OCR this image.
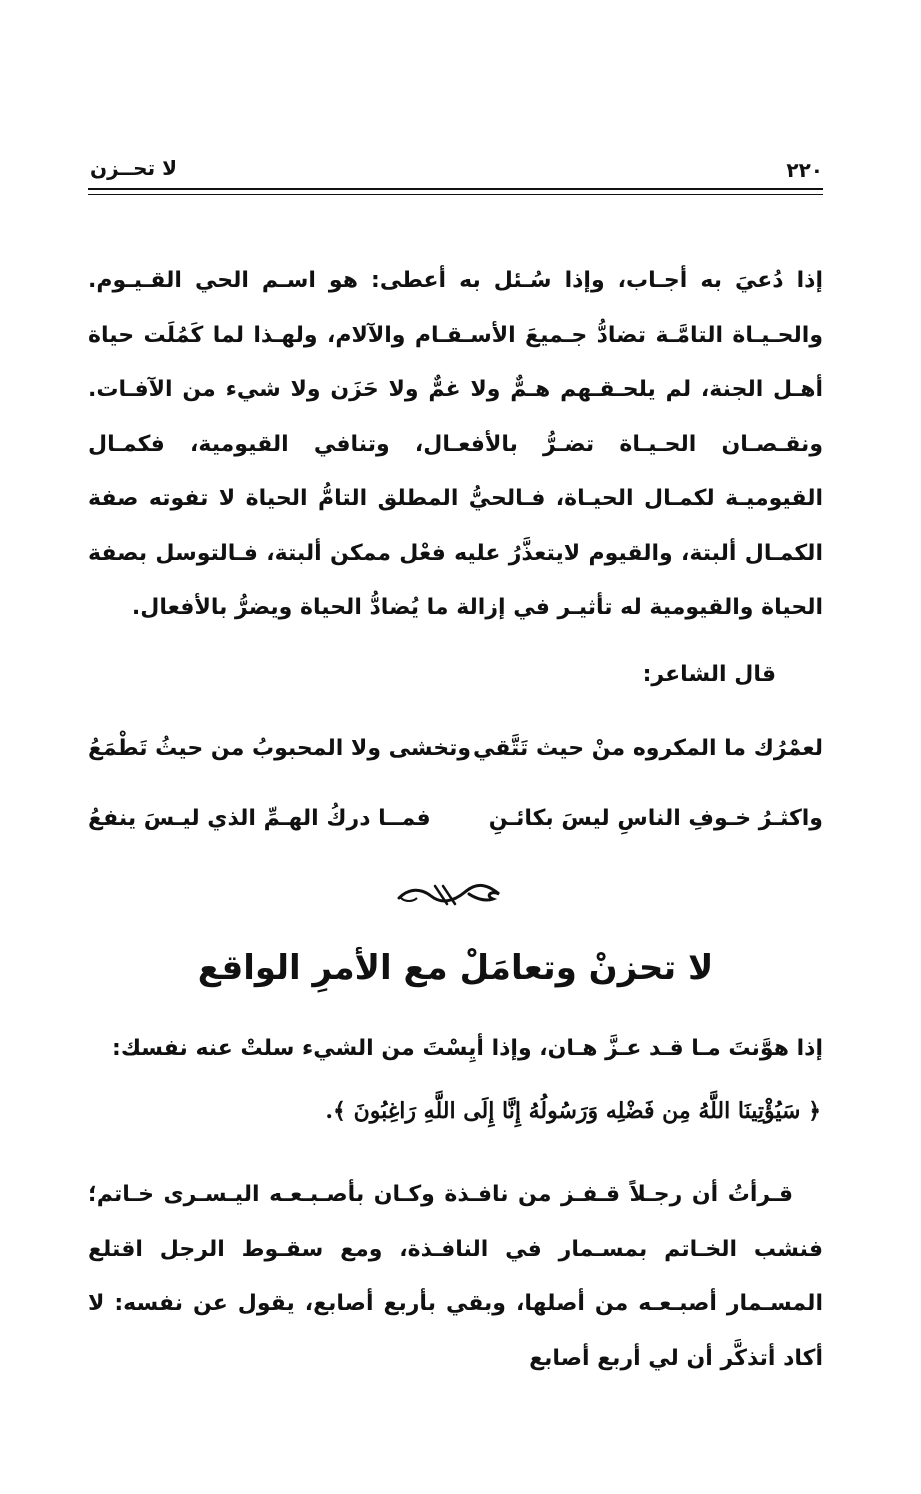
٢٢٠
لا تحــزن
إذا دُعيَ به أجـاب، وإذا سُـئل به أعطى: هو اسـم الحي القـيـوم. والحـيـاة التامَّـة تضادُّ جـميعَ الأسـقـام والآلام، ولهـذا لما كَمُلَت حياة أهـل الجنة، لم يلحـقـهم هـمٌّ ولا غمٌّ ولا حَزَن ولا شيء من الآفـات. ونقـصـان الحـيـاة تضـرُّ بالأفعـال، وتنافي القيومية، فكمـال القيوميـة لكمـال الحيـاة، فـالحيُّ المطلق التامُّ الحياة لا تفوته صفة الكمـال ألبتة، والقيوم لايتعذَّرُ عليه فعْل ممكن ألبتة، فـالتوسل بصفة الحياة والقيومية له تأثيـر في إزالة ما يُضادُّ الحياة ويضرُّ بالأفعال.
قال الشاعر:
لعمْرُك ما المكروه منْ حيث تَتَّقي
وتخشى ولا المحبوبُ من حيثُ تَطْمَعُ
واكثـرُ خـوفِ الناسِ ليسَ بكائـنِ
فمــا دركُ الهـمِّ الذي ليـسَ ينفعُ
لا تحزنْ وتعامَلْ مع الأمرِ الواقع
إذا هوَّنتَ مـا قـد عـزَّ هـان، وإذا أيِسْتَ من الشيء سلتْ عنه نفسك:
﴿ سَيُؤْتِينَا اللَّهُ مِن فَضْلِه وَرَسُولُهُ إِنَّا إِلَى اللَّهِ رَاغِبُونَ ﴾.
قـرأتُ أن رجـلاً قـفـز من نافـذة وكـان بأصـبـعـه اليـسـرى خـاتم؛ فنشب الخـاتم بمسـمار في النافـذة، ومع سقـوط الرجل اقتلع المسـمار أصبـعـه من أصلها، وبقي بأربع أصابع، يقول عن نفسه: لا أكاد أتذكَّر أن لي أربع أصابع
